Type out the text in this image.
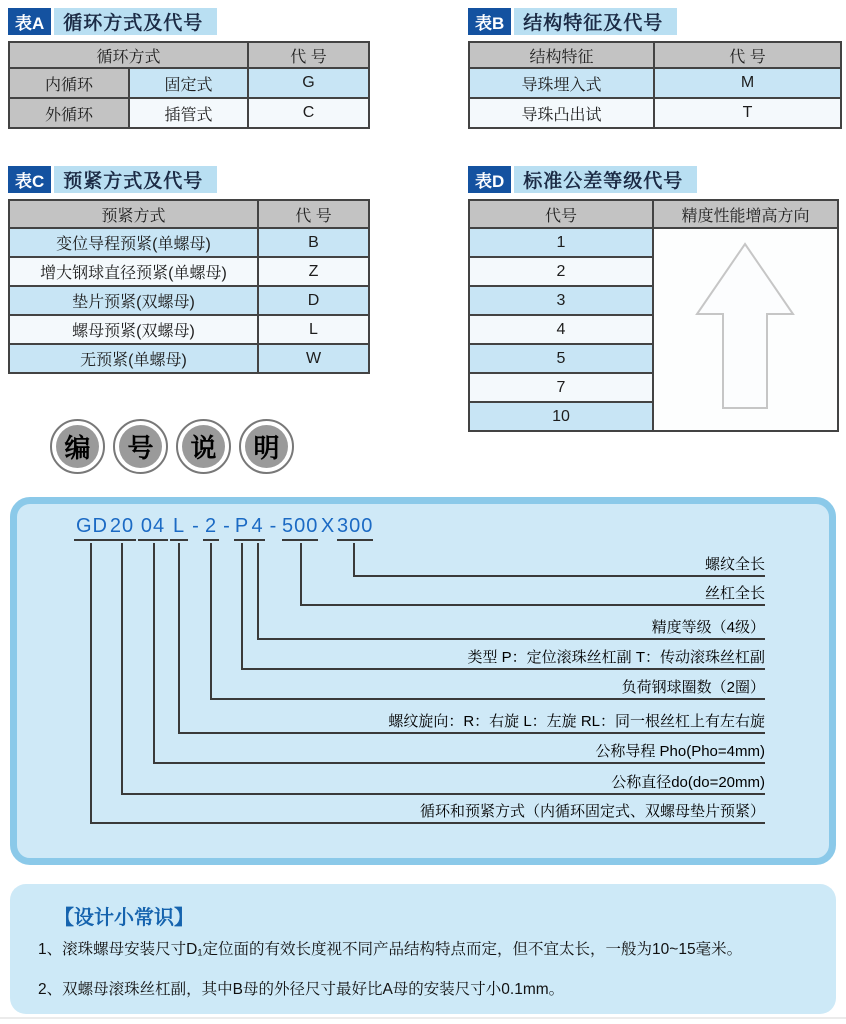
表A	循环方式及代号
循环方式		代 号
内循环	固定式	G
外循环	插管式	C
表B	结构特征及代号
结构特征	代 号
导珠埋入式	M
导珠凸出试	T
表C	预紧方式及代号
预紧方式	代 号
变位导程预紧(单螺母)	B
增大钢球直径预紧(单螺母)	Z
垫片预紧(双螺母)	D
螺母预紧(双螺母)	L
无预紧(单螺母)	W
表D	标准公差等级代号
代号	精度性能增高方向
1	
2	
3	
4	
5	
7	
10	
编	号	说	明
GD 20 04 L - 2 - P 4 - 500 X 300
螺纹全长
丝杠全长
精度等级（4级）
类型 P：定位滚珠丝杠副 T：传动滚珠丝杠副
负荷钢球圈数（2圈）
螺纹旋向：R：右旋 L：左旋 RL：同一根丝杠上有左右旋
公称导程 Pho(Pho=4mm)
公称直径do(do=20mm)
循环和预紧方式（内循环固定式、双螺母垫片预紧）
【设计小常识】
1、滚珠螺母安装尺寸D₁定位面的有效长度视不同产品结构特点而定，但不宜太长，一般为10~15毫米。
2、双螺母滚珠丝杠副，其中B母的外径尺寸最好比A母的安装尺寸小0.1mm。
